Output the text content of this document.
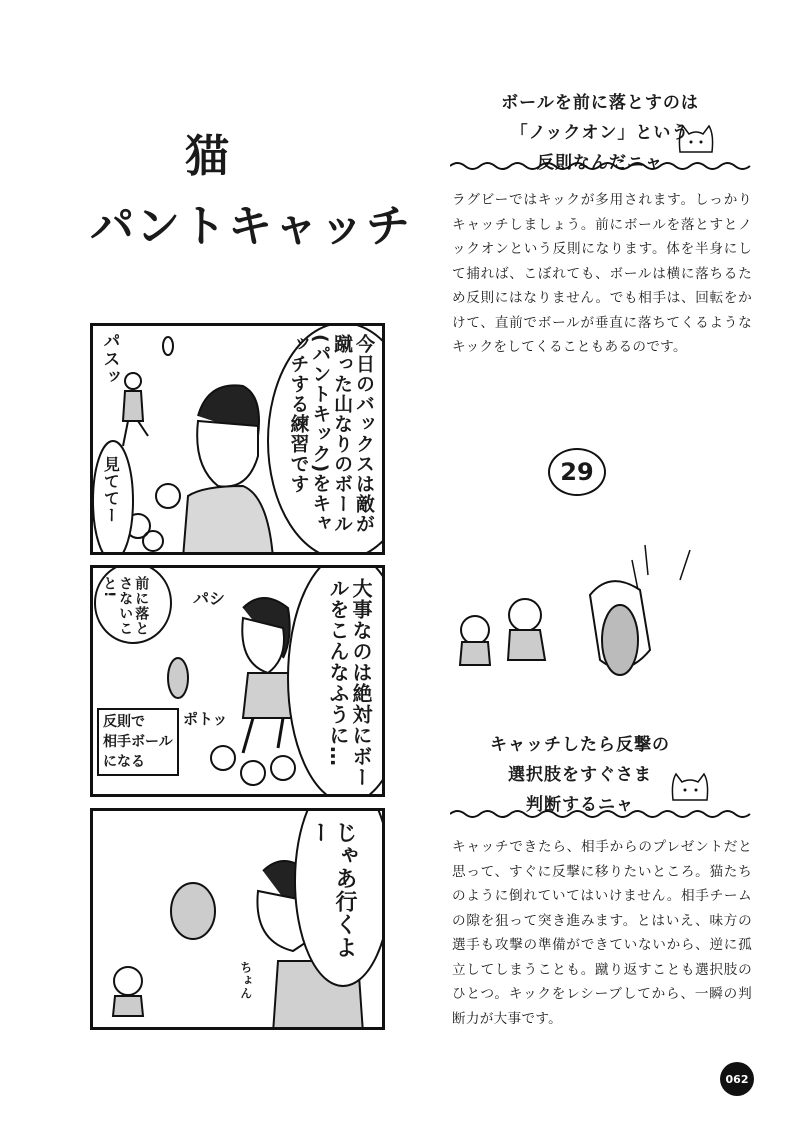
猫
パントキャッチ
今日のバックスは敵が蹴った山なりのボール(パントキック)をキャッチする練習です
パスッ
見ててー
大事なのは絶対にボールをこんなふうに…
前に落とさないこと!
パシ
ポトッ
反則で
相手ボール
になる
じゃあ行くよー
ちょん
ボールを前に落とすのは
「ノックオン」という
反則なんだニャ
ラグビーではキックが多用されます。しっかりキャッチしましょう。前にボールを落とすとノックオンという反則になります。体を半身にして捕れば、こぼれても、ボールは横に落ちるため反則にはなりません。でも相手は、回転をかけて、直前でボールが垂直に落ちてくるようなキックをしてくることもあるのです。
29
キャッチしたら反撃の
選択肢をすぐさま
判断するニャ
キャッチできたら、相手からのプレゼントだと思って、すぐに反撃に移りたいところ。猫たちのように倒れていてはいけません。相手チームの隙を狙って突き進みます。とはいえ、味方の選手も攻撃の準備ができていないから、逆に孤立してしまうことも。蹴り返すことも選択肢のひとつ。キックをレシーブしてから、一瞬の判断力が大事です。
062
